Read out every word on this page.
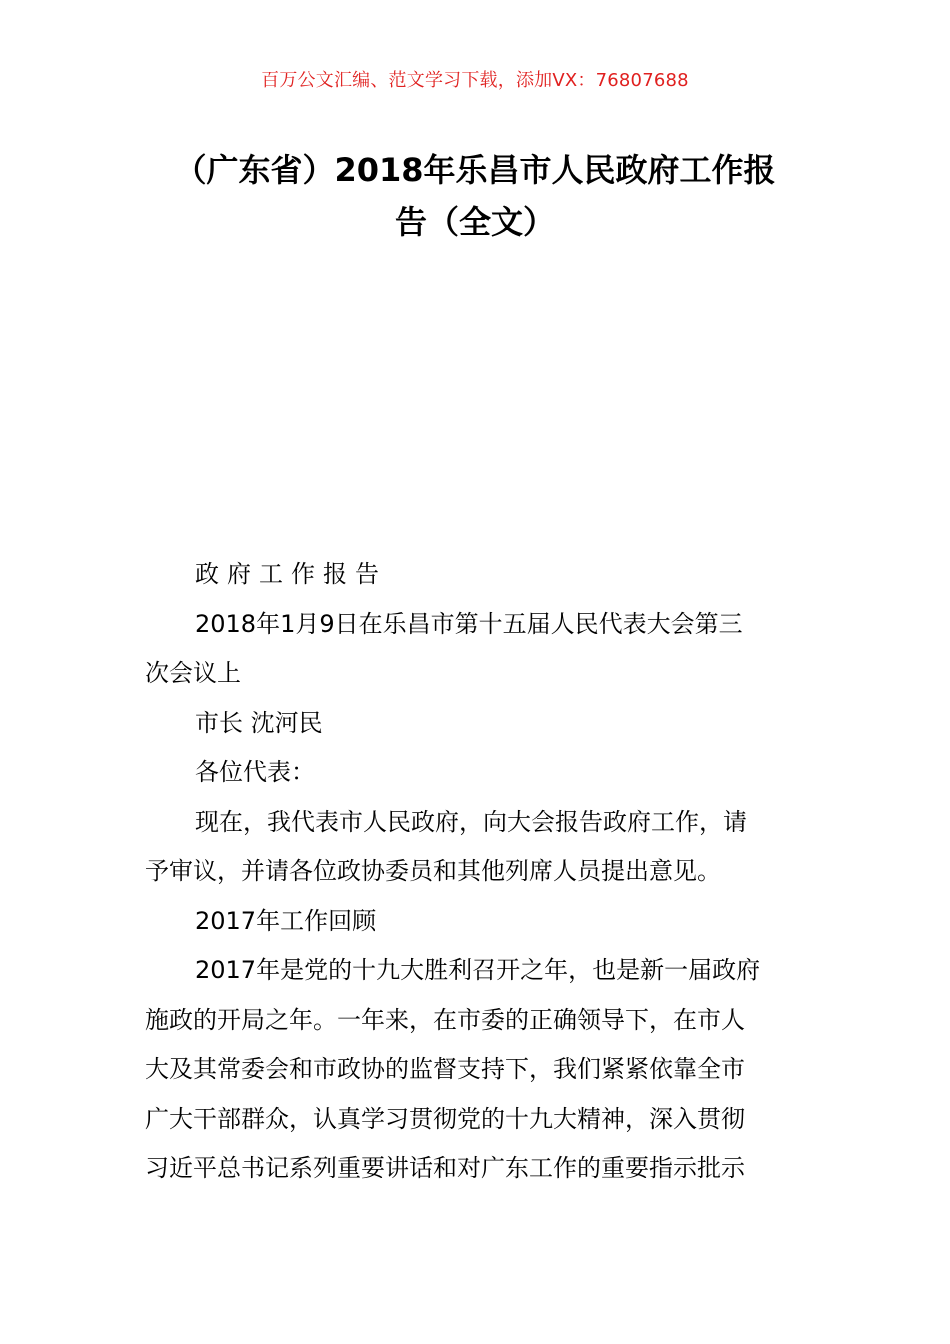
百万公文汇编、范文学习下载，添加VX：76807688
（广东省）2018年乐昌市人民政府工作报
告（全文）

政府工作报告

2018年1月9日在乐昌市第十五届人民代表大会第三
次会议上

市长 沈河民

各位代表：

现在，我代表市人民政府，向大会报告政府工作，请
予审议，并请各位政协委员和其他列席人员提出意见。

2017年工作回顾

2017年是党的十九大胜利召开之年，也是新一届政府
施政的开局之年。一年来，在市委的正确领导下，在市人
大及其常委会和市政协的监督支持下，我们紧紧依靠全市
广大干部群众，认真学习贯彻党的十九大精神，深入贯彻
习近平总书记系列重要讲话和对广东工作的重要指示批示
